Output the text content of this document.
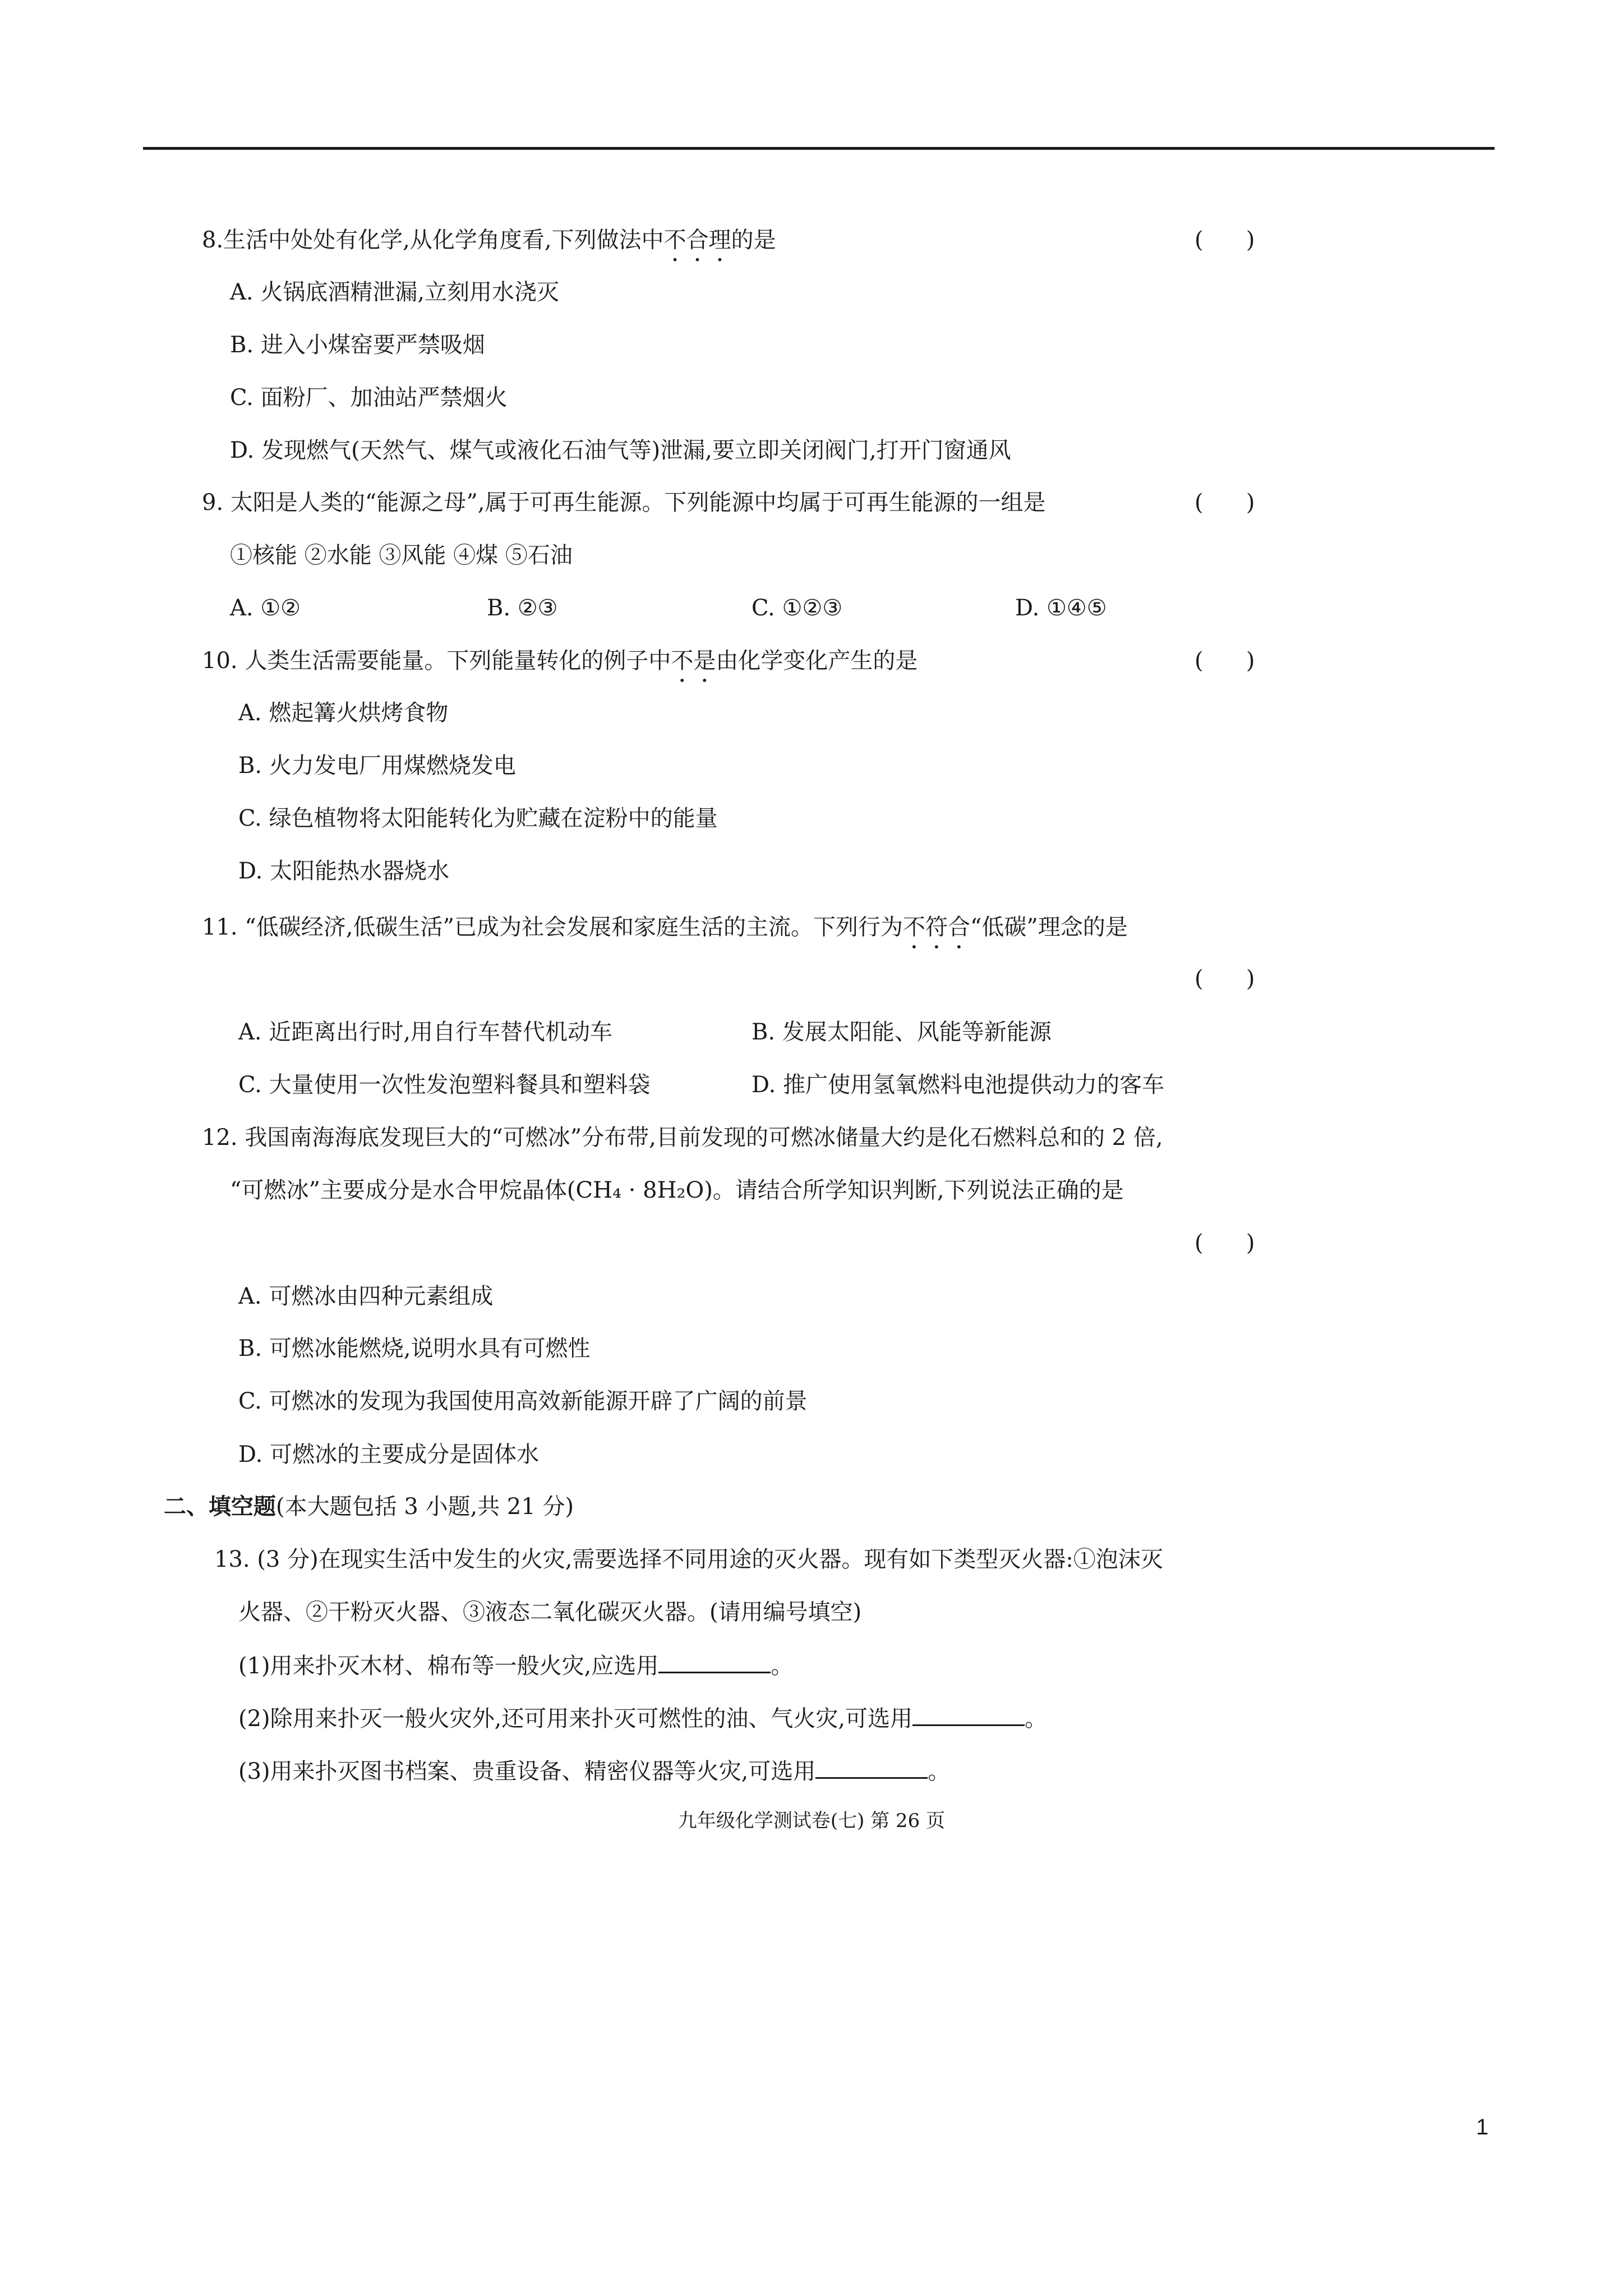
8.生活中处处有化学,从化学角度看,下列做法中不合理的是	(      )
A. 火锅底酒精泄漏,立刻用水浇灭
B. 进入小煤窑要严禁吸烟
C. 面粉厂、加油站严禁烟火
D. 发现燃气(天然气、煤气或液化石油气等)泄漏,要立即关闭阀门,打开门窗通风
9. 太阳是人类的“能源之母”,属于可再生能源。下列能源中均属于可再生能源的一组是	(      )
①核能 ②水能 ③风能 ④煤 ⑤石油
A. ①②	B. ②③	C. ①②③	D. ①④⑤
10. 人类生活需要能量。下列能量转化的例子中不是由化学变化产生的是	(      )
A. 燃起篝火烘烤食物
B. 火力发电厂用煤燃烧发电
C. 绿色植物将太阳能转化为贮藏在淀粉中的能量
D. 太阳能热水器烧水
11. “低碳经济,低碳生活”已成为社会发展和家庭生活的主流。下列行为不符合“低碳”理念的是
(      )
A. 近距离出行时,用自行车替代机动车	B. 发展太阳能、风能等新能源
C. 大量使用一次性发泡塑料餐具和塑料袋	D. 推广使用氢氧燃料电池提供动力的客车
12. 我国南海海底发现巨大的“可燃冰”分布带,目前发现的可燃冰储量大约是化石燃料总和的 2 倍,
“可燃冰”主要成分是水合甲烷晶体(CH₄ · 8H₂O)。请结合所学知识判断,下列说法正确的是
(      )
A. 可燃冰由四种元素组成
B. 可燃冰能燃烧,说明水具有可燃性
C. 可燃冰的发现为我国使用高效新能源开辟了广阔的前景
D. 可燃冰的主要成分是固体水
二、填空题(本大题包括 3 小题,共 21 分)
13. (3 分)在现实生活中发生的火灾,需要选择不同用途的灭火器。现有如下类型灭火器:①泡沫灭
火器、②干粉灭火器、③液态二氧化碳灭火器。(请用编号填空)
(1)用来扑灭木材、棉布等一般火灾,应选用	。
(2)除用来扑灭一般火灾外,还可用来扑灭可燃性的油、气火灾,可选用	。
(3)用来扑灭图书档案、贵重设备、精密仪器等火灾,可选用	。
九年级化学测试卷(七) 第 26 页
1
